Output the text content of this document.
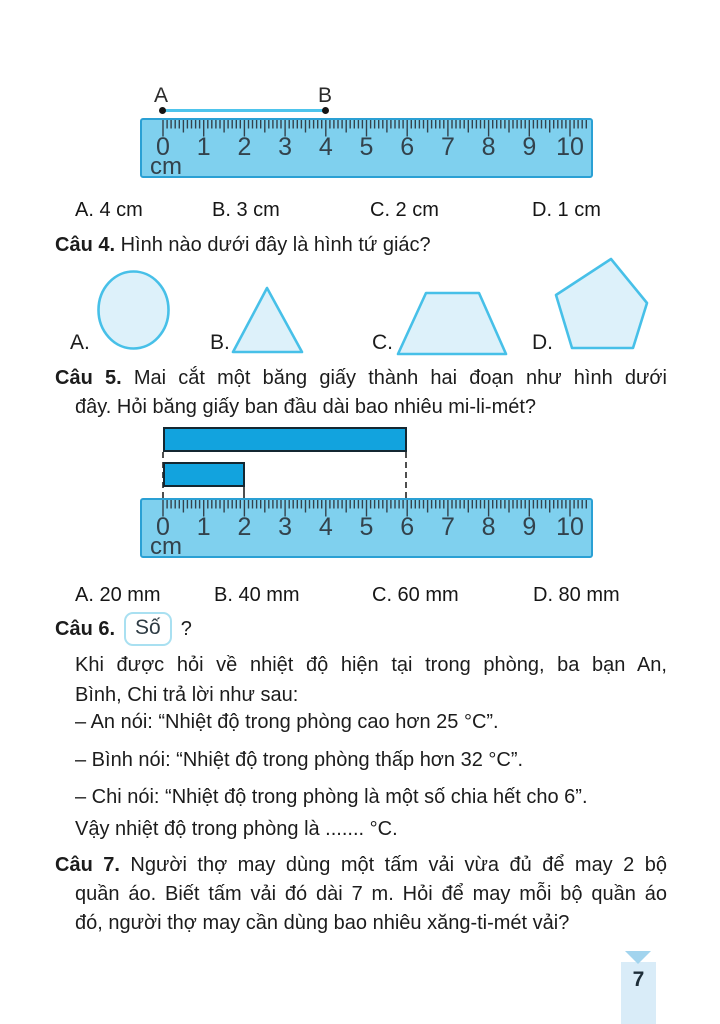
A	B
0 1 2 3 4 5 6 7 8 9 10
cm
A. 4 cm	B. 3 cm	C. 2 cm	D. 1 cm
Câu 4. Hình nào dưới đây là hình tứ giác?
A.	B.	C.	D.
Câu 5. Mai cắt một băng giấy thành hai đoạn như hình dưới
đây. Hỏi băng giấy ban đầu dài bao nhiêu mi-li-mét?
0 1 2 3 4 5 6 7 8 9 10
cm
A. 20 mm	B. 40 mm	C. 60 mm	D. 80 mm
Câu 6. Số	?
Khi được hỏi về nhiệt độ hiện tại trong phòng, ba bạn An,
Bình, Chi trả lời như sau:
– An nói: “Nhiệt độ trong phòng cao hơn 25 °C”.
– Bình nói: “Nhiệt độ trong phòng thấp hơn 32 °C”.
– Chi nói: “Nhiệt độ trong phòng là một số chia hết cho 6”.
Vậy nhiệt độ trong phòng là ....... °C.
Câu 7. Người thợ may dùng một tấm vải vừa đủ để may 2 bộ
quần áo. Biết tấm vải đó dài 7 m. Hỏi để may mỗi bộ quần áo
đó, người thợ may cần dùng bao nhiêu xăng-ti-mét vải?
7
